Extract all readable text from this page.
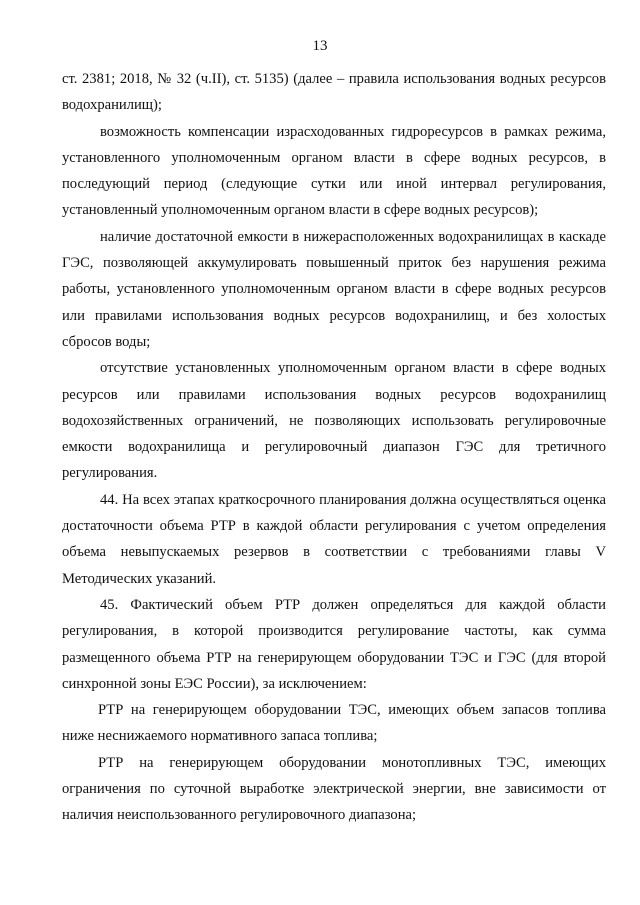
13

ст. 2381; 2018, № 32 (ч.II), ст. 5135) (далее – правила использования водных ресурсов водохранилищ);

возможность компенсации израсходованных гидроресурсов в рамках режима, установленного уполномоченным органом власти в сфере водных ресурсов, в последующий период (следующие сутки или иной интервал регулирования, установленный уполномоченным органом власти в сфере водных ресурсов);

наличие достаточной емкости в нижерасположенных водохранилищах в каскаде ГЭС, позволяющей аккумулировать повышенный приток без нарушения режима работы, установленного уполномоченным органом власти в сфере водных ресурсов или правилами использования водных ресурсов водохранилищ, и без холостых сбросов воды;

отсутствие установленных уполномоченным органом власти в сфере водных ресурсов или правилами использования водных ресурсов водохранилищ водохозяйственных ограничений, не позволяющих использовать регулировочные емкости водохранилища и регулировочный диапазон ГЭС для третичного регулирования.

44. На всех этапах краткосрочного планирования должна осуществляться оценка достаточности объема РТР в каждой области регулирования с учетом определения объема невыпускаемых резервов в соответствии с требованиями главы V Методических указаний.

45. Фактический объем РТР должен определяться для каждой области регулирования, в которой производится регулирование частоты, как сумма размещенного объема РТР на генерирующем оборудовании ТЭС и ГЭС (для второй синхронной зоны ЕЭС России), за исключением:

РТР на генерирующем оборудовании ТЭС, имеющих объем запасов топлива ниже неснижаемого нормативного запаса топлива;

РТР на генерирующем оборудовании монотопливных ТЭС, имеющих ограничения по суточной выработке электрической энергии, вне зависимости от наличия неиспользованного регулировочного диапазона;
